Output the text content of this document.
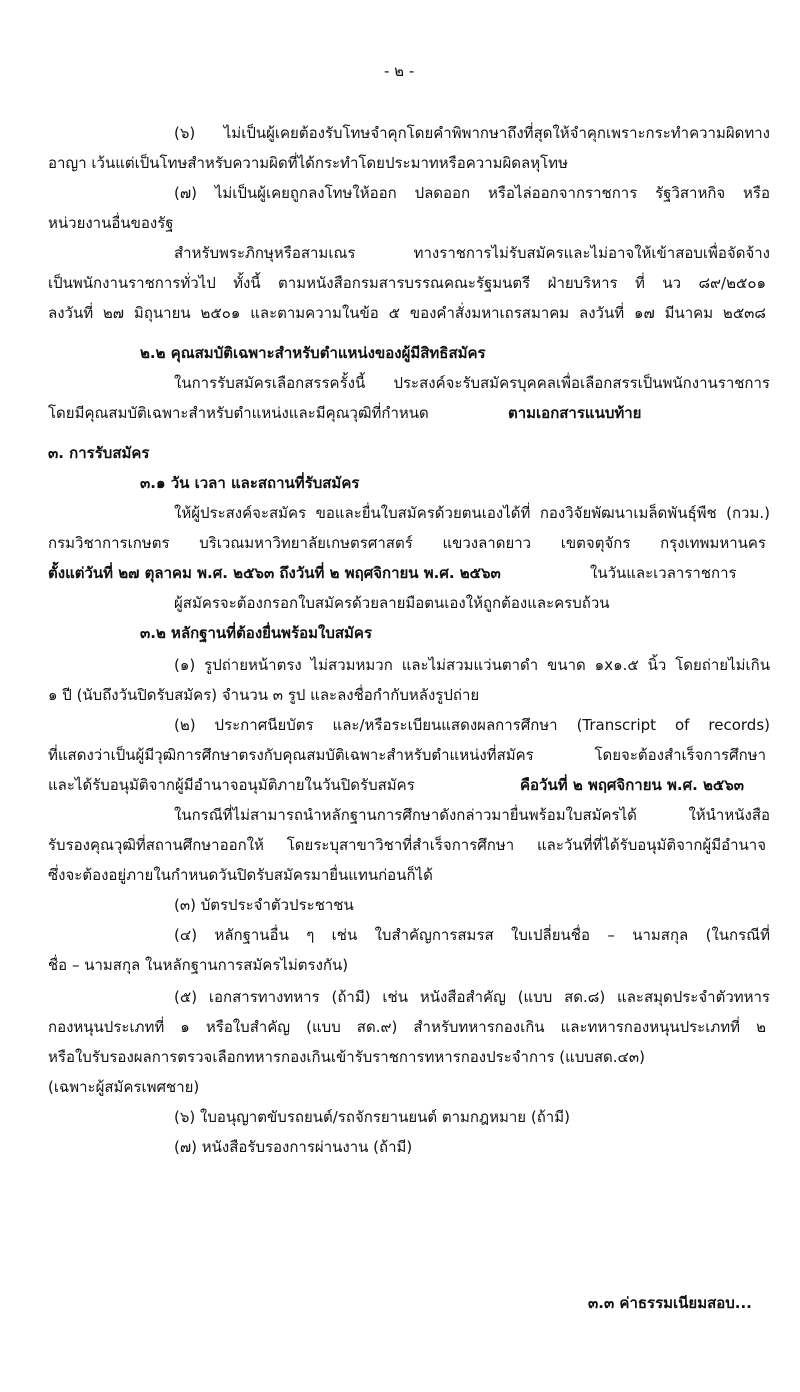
- ๒ -

(๖) ไม่เป็นผู้เคยต้องรับโทษจำคุกโดยคำพิพากษาถึงที่สุดให้จำคุกเพราะกระทำความผิดทาง

อาญา เว้นแต่เป็นโทษสำหรับความผิดที่ได้กระทำโดยประมาทหรือความผิดลหุโทษ

(๗) ไม่เป็นผู้เคยถูกลงโทษให้ออก ปลดออก หรือไล่ออกจากราชการ รัฐวิสาหกิจ หรือ

หน่วยงานอื่นของรัฐ

สำหรับพระภิกษุหรือสามเณร ทางราชการไม่รับสมัครและไม่อาจให้เข้าสอบเพื่อจัดจ้าง

เป็นพนักงานราชการทั่วไป ทั้งนี้ ตามหนังสือกรมสารบรรณคณะรัฐมนตรี ฝ่ายบริหาร ที่ นว ๘๙/๒๕๐๑

ลงวันที่ ๒๗ มิถุนายน ๒๕๐๑ และตามความในข้อ ๕ ของคำสั่งมหาเถรสมาคม ลงวันที่ ๑๗ มีนาคม ๒๕๓๘

๒.๒ คุณสมบัติเฉพาะสำหรับตำแหน่งของผู้มีสิทธิสมัคร

ในการรับสมัครเลือกสรรครั้งนี้ ประสงค์จะรับสมัครบุคคลเพื่อเลือกสรรเป็นพนักงานราชการ

โดยมีคุณสมบัติเฉพาะสำหรับตำแหน่งและมีคุณวุฒิที่กำหนด	ตามเอกสารแนบท้าย

๓. การรับสมัคร

๓.๑ วัน เวลา และสถานที่รับสมัคร

ให้ผู้ประสงค์จะสมัคร ขอและยื่นใบสมัครด้วยตนเองได้ที่ กองวิจัยพัฒนาเมล็ดพันธุ์พืช (กวม.)

กรมวิชาการเกษตร บริเวณมหาวิทยาลัยเกษตรศาสตร์ แขวงลาดยาว เขตจตุจักร กรุงเทพมหานคร

ตั้งแต่วันที่ ๒๗ ตุลาคม พ.ศ. ๒๕๖๓ ถึงวันที่ ๒ พฤศจิกายน พ.ศ. ๒๕๖๓	ในวันและเวลาราชการ

ผู้สมัครจะต้องกรอกใบสมัครด้วยลายมือตนเองให้ถูกต้องและครบถ้วน

๓.๒ หลักฐานที่ต้องยื่นพร้อมใบสมัคร

(๑) รูปถ่ายหน้าตรง ไม่สวมหมวก และไม่สวมแว่นตาดำ ขนาด ๑x๑.๕ นิ้ว โดยถ่ายไม่เกิน

๑ ปี (นับถึงวันปิดรับสมัคร) จำนวน ๓ รูป และลงชื่อกำกับหลังรูปถ่าย

(๒) ประกาศนียบัตร และ/หรือระเบียนแสดงผลการศึกษา (Transcript of records)

ที่แสดงว่าเป็นผู้มีวุฒิการศึกษาตรงกับคุณสมบัติเฉพาะสำหรับตำแหน่งที่สมัคร โดยจะต้องสำเร็จการศึกษา

และได้รับอนุมัติจากผู้มีอำนาจอนุมัติภายในวันปิดรับสมัคร	คือวันที่ ๒ พฤศจิกายน พ.ศ. ๒๕๖๓

ในกรณีที่ไม่สามารถนำหลักฐานการศึกษาดังกล่าวมายื่นพร้อมใบสมัครได้ ให้นำหนังสือ

รับรองคุณวุฒิที่สถานศึกษาออกให้ โดยระบุสาขาวิชาที่สำเร็จการศึกษา และวันที่ที่ได้รับอนุมัติจากผู้มีอำนาจ

ซึ่งจะต้องอยู่ภายในกำหนดวันปิดรับสมัครมายื่นแทนก่อนก็ได้

(๓) บัตรประจำตัวประชาชน

(๔) หลักฐานอื่น ๆ เช่น ใบสำคัญการสมรส ใบเปลี่ยนชื่อ – นามสกุล (ในกรณีที่

ชื่อ – นามสกุล ในหลักฐานการสมัครไม่ตรงกัน)

(๕) เอกสารทางทหาร (ถ้ามี) เช่น หนังสือสำคัญ (แบบ สด.๘) และสมุดประจำตัวทหาร

กองหนุนประเภทที่ ๑ หรือใบสำคัญ (แบบ สด.๙) สำหรับทหารกองเกิน และทหารกองหนุนประเภทที่ ๒

หรือใบรับรองผลการตรวจเลือกทหารกองเกินเข้ารับราชการทหารกองประจำการ (แบบสด.๔๓)

(เฉพาะผู้สมัครเพศชาย)

(๖) ใบอนุญาตขับรถยนต์/รถจักรยานยนต์ ตามกฎหมาย (ถ้ามี)

(๗) หนังสือรับรองการผ่านงาน (ถ้ามี)

๓.๓ ค่าธรรมเนียมสอบ...
